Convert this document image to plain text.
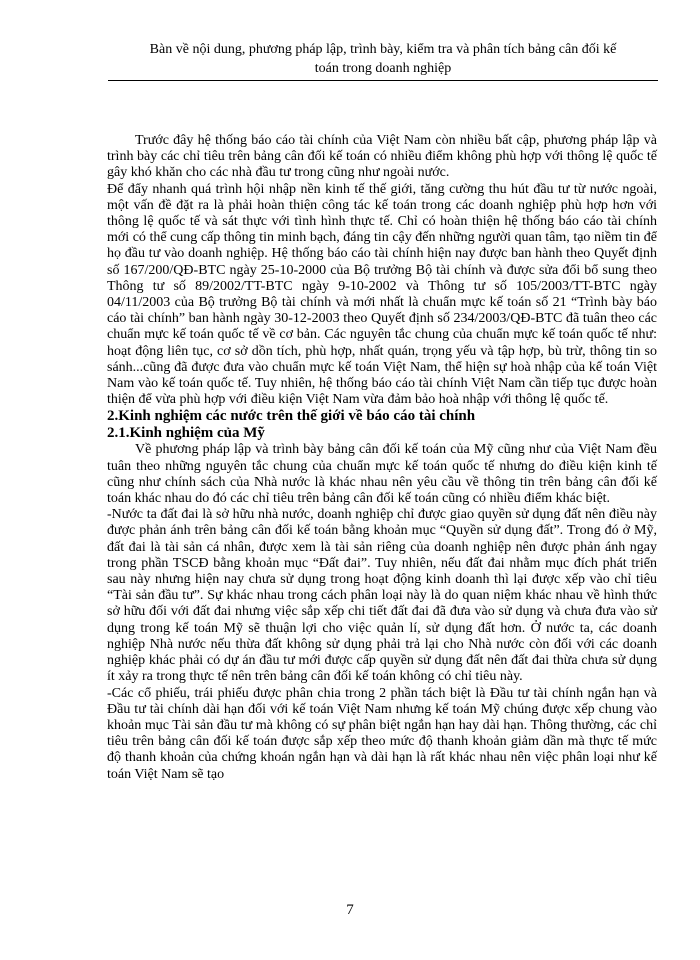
Bàn về nội dung, phương pháp lập, trình bày, kiểm tra và phân tích bảng cân đối kế
toán trong doanh nghiệp

Trước đây hệ thống báo cáo tài chính của Việt Nam còn nhiều bất cập, phương pháp lập và trình bày các chỉ tiêu trên bảng cân đối kế toán có nhiều điểm không phù hợp với thông lệ quốc tế gây khó khăn cho các nhà đầu tư trong cũng như ngoài nước.

Để đẩy nhanh quá trình hội nhập nền kinh tế thế giới, tăng cường thu hút đầu tư từ nước ngoài, một vấn đề đặt ra là phải hoàn thiện công tác kế toán trong các doanh nghiệp phù hợp hơn với thông lệ quốc tế và sát thực với tình hình thực tế. Chỉ có hoàn thiện hệ thống báo cáo tài chính mới có thể cung cấp thông tin minh bạch, đáng tin cậy đến những người quan tâm, tạo niềm tin để họ đầu tư vào doanh nghiệp. Hệ thống báo cáo tài chính hiện nay được ban hành theo Quyết định số 167/200/QĐ-BTC ngày 25-10-2000 của Bộ trưởng Bộ tài chính và được sửa đổi bổ sung theo Thông tư số 89/2002/TT-BTC ngày 9-10-2002 và Thông tư số 105/2003/TT-BTC ngày 04/11/2003 của Bộ trưởng Bộ tài chính và mới nhất là chuẩn mực kế toán số 21 “Trình bày báo cáo tài chính” ban hành ngày 30-12-2003 theo Quyết định số 234/2003/QĐ-BTC đã tuân theo các chuẩn mực kế toán quốc tế về cơ bản. Các nguyên tắc chung của chuẩn mực kế toán quốc tế như: hoạt động liên tục, cơ sở dồn tích, phù hợp, nhất quán, trọng yếu và tập hợp, bù trừ, thông tin so sánh...cũng đã được đưa vào chuẩn mực kế toán Việt Nam, thể hiện sự hoà nhập của kế toán Việt Nam vào kế toán quốc tế. Tuy nhiên, hệ thống báo cáo tài chính Việt Nam cần tiếp tục được hoàn thiện để vừa phù hợp với điều kiện Việt Nam vừa đảm bảo hoà nhập với thông lệ quốc tế.

2.Kinh nghiệm các nước trên thế giới về báo cáo tài chính

2.1.Kinh nghiệm của Mỹ

Về phương pháp lập và trình bày bảng cân đối kế toán của Mỹ cũng như của Việt Nam đều tuân theo những nguyên tắc chung của chuẩn mực kế toán quốc tế nhưng do điều kiện kinh tế cũng như chính sách của Nhà nước là khác nhau nên yêu cầu về thông tin trên bảng cân đối kế toán khác nhau do đó các chỉ tiêu trên bảng cân đối kế toán cũng có nhiều điểm khác biệt.

-Nước ta đất đai là sở hữu nhà nước, doanh nghiệp chỉ được giao quyền sử dụng đất nên điều này được phản ánh trên bảng cân đối kế toán bằng khoản mục “Quyền sử dụng đất”. Trong đó ở Mỹ, đất đai là tài sản cá nhân, được xem là tài sản riêng của doanh nghiệp nên được phản ánh ngay trong phần TSCĐ bằng khoản mục “Đất đai”. Tuy nhiên, nếu đất đai nhằm mục đích phát triển sau này nhưng hiện nay chưa sử dụng trong hoạt động kinh doanh thì lại được xếp vào chỉ tiêu “Tài sản đầu tư”. Sự khác nhau trong cách phân loại này là do quan niệm khác nhau về hình thức sở hữu đối với đất đai nhưng việc sắp xếp chi tiết đất đai đã đưa vào sử dụng và chưa đưa vào sử dụng trong kế toán Mỹ sẽ thuận lợi cho việc quản lí, sử dụng đất hơn. Ở nước ta, các doanh nghiệp Nhà nước nếu thừa đất không sử dụng phải trả lại cho Nhà nước còn đối với các doanh nghiệp khác phải có dự án đầu tư mới được cấp quyền sử dụng đất nên đất đai thừa chưa sử dụng ít xảy ra trong thực tế nên trên bảng cân đối kế toán không có chỉ tiêu này.

-Các cổ phiếu, trái phiếu được phân chia trong 2 phần tách biệt là Đầu tư tài chính ngắn hạn và Đầu tư tài chính dài hạn đối với kế toán Việt Nam nhưng kế toán Mỹ chúng được xếp chung vào khoản mục Tài sản đầu tư mà không có sự phân biệt ngắn hạn hay dài hạn. Thông thường, các chỉ tiêu trên bảng cân đối kế toán được sắp xếp theo mức độ thanh khoản giảm dần mà thực tế mức độ thanh khoản của chứng khoán ngắn hạn và dài hạn là rất khác nhau nên việc phân loại như kế toán Việt Nam sẽ tạo

7
